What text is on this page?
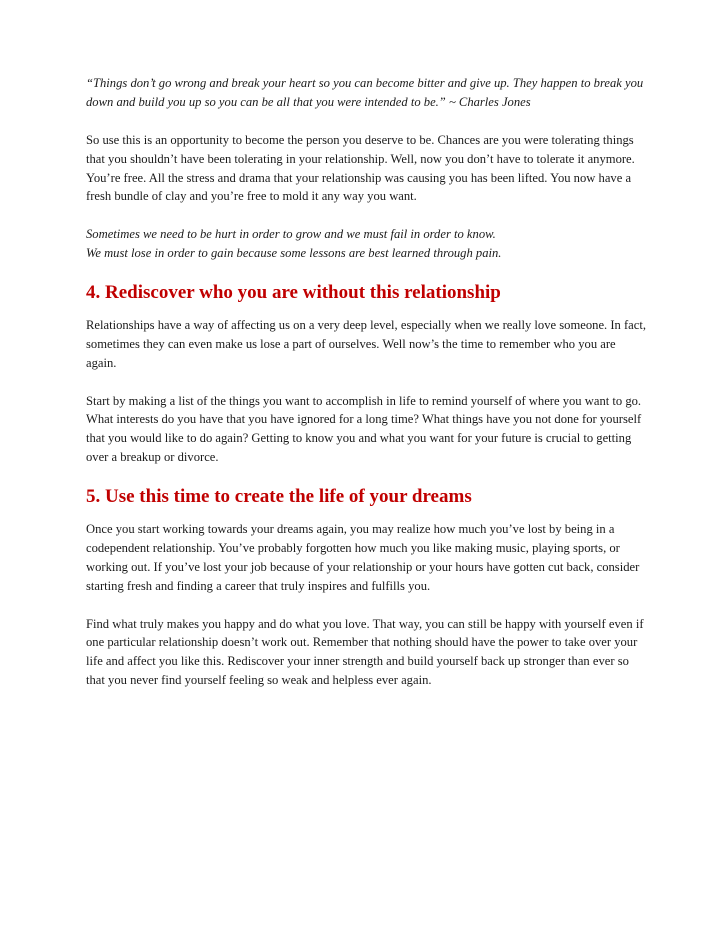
“Things don’t go wrong and break your heart so you can become bitter and give up. They happen to break you down and build you up so you can be all that you were intended to be.” ~ Charles Jones

So use this is an opportunity to become the person you deserve to be. Chances are you were tolerating things that you shouldn’t have been tolerating in your relationship. Well, now you don’t have to tolerate it anymore. You’re free. All the stress and drama that your relationship was causing you has been lifted. You now have a fresh bundle of clay and you’re free to mold it any way you want.

Sometimes we need to be hurt in order to grow and we must fail in order to know.

We must lose in order to gain because some lessons are best learned through pain.

4. Rediscover who you are without this relationship

Relationships have a way of affecting us on a very deep level, especially when we really love someone. In fact, sometimes they can even make us lose a part of ourselves. Well now’s the time to remember who you are again.

Start by making a list of the things you want to accomplish in life to remind yourself of where you want to go. What interests do you have that you have ignored for a long time? What things have you not done for yourself that you would like to do again? Getting to know you and what you want for your future is crucial to getting over a breakup or divorce.

5. Use this time to create the life of your dreams

Once you start working towards your dreams again, you may realize how much you’ve lost by being in a codependent relationship. You’ve probably forgotten how much you like making music, playing sports, or working out. If you’ve lost your job because of your relationship or your hours have gotten cut back, consider starting fresh and finding a career that truly inspires and fulfills you.

Find what truly makes you happy and do what you love. That way, you can still be happy with yourself even if one particular relationship doesn’t work out. Remember that nothing should have the power to take over your life and affect you like this. Rediscover your inner strength and build yourself back up stronger than ever so that you never find yourself feeling so weak and helpless ever again.
